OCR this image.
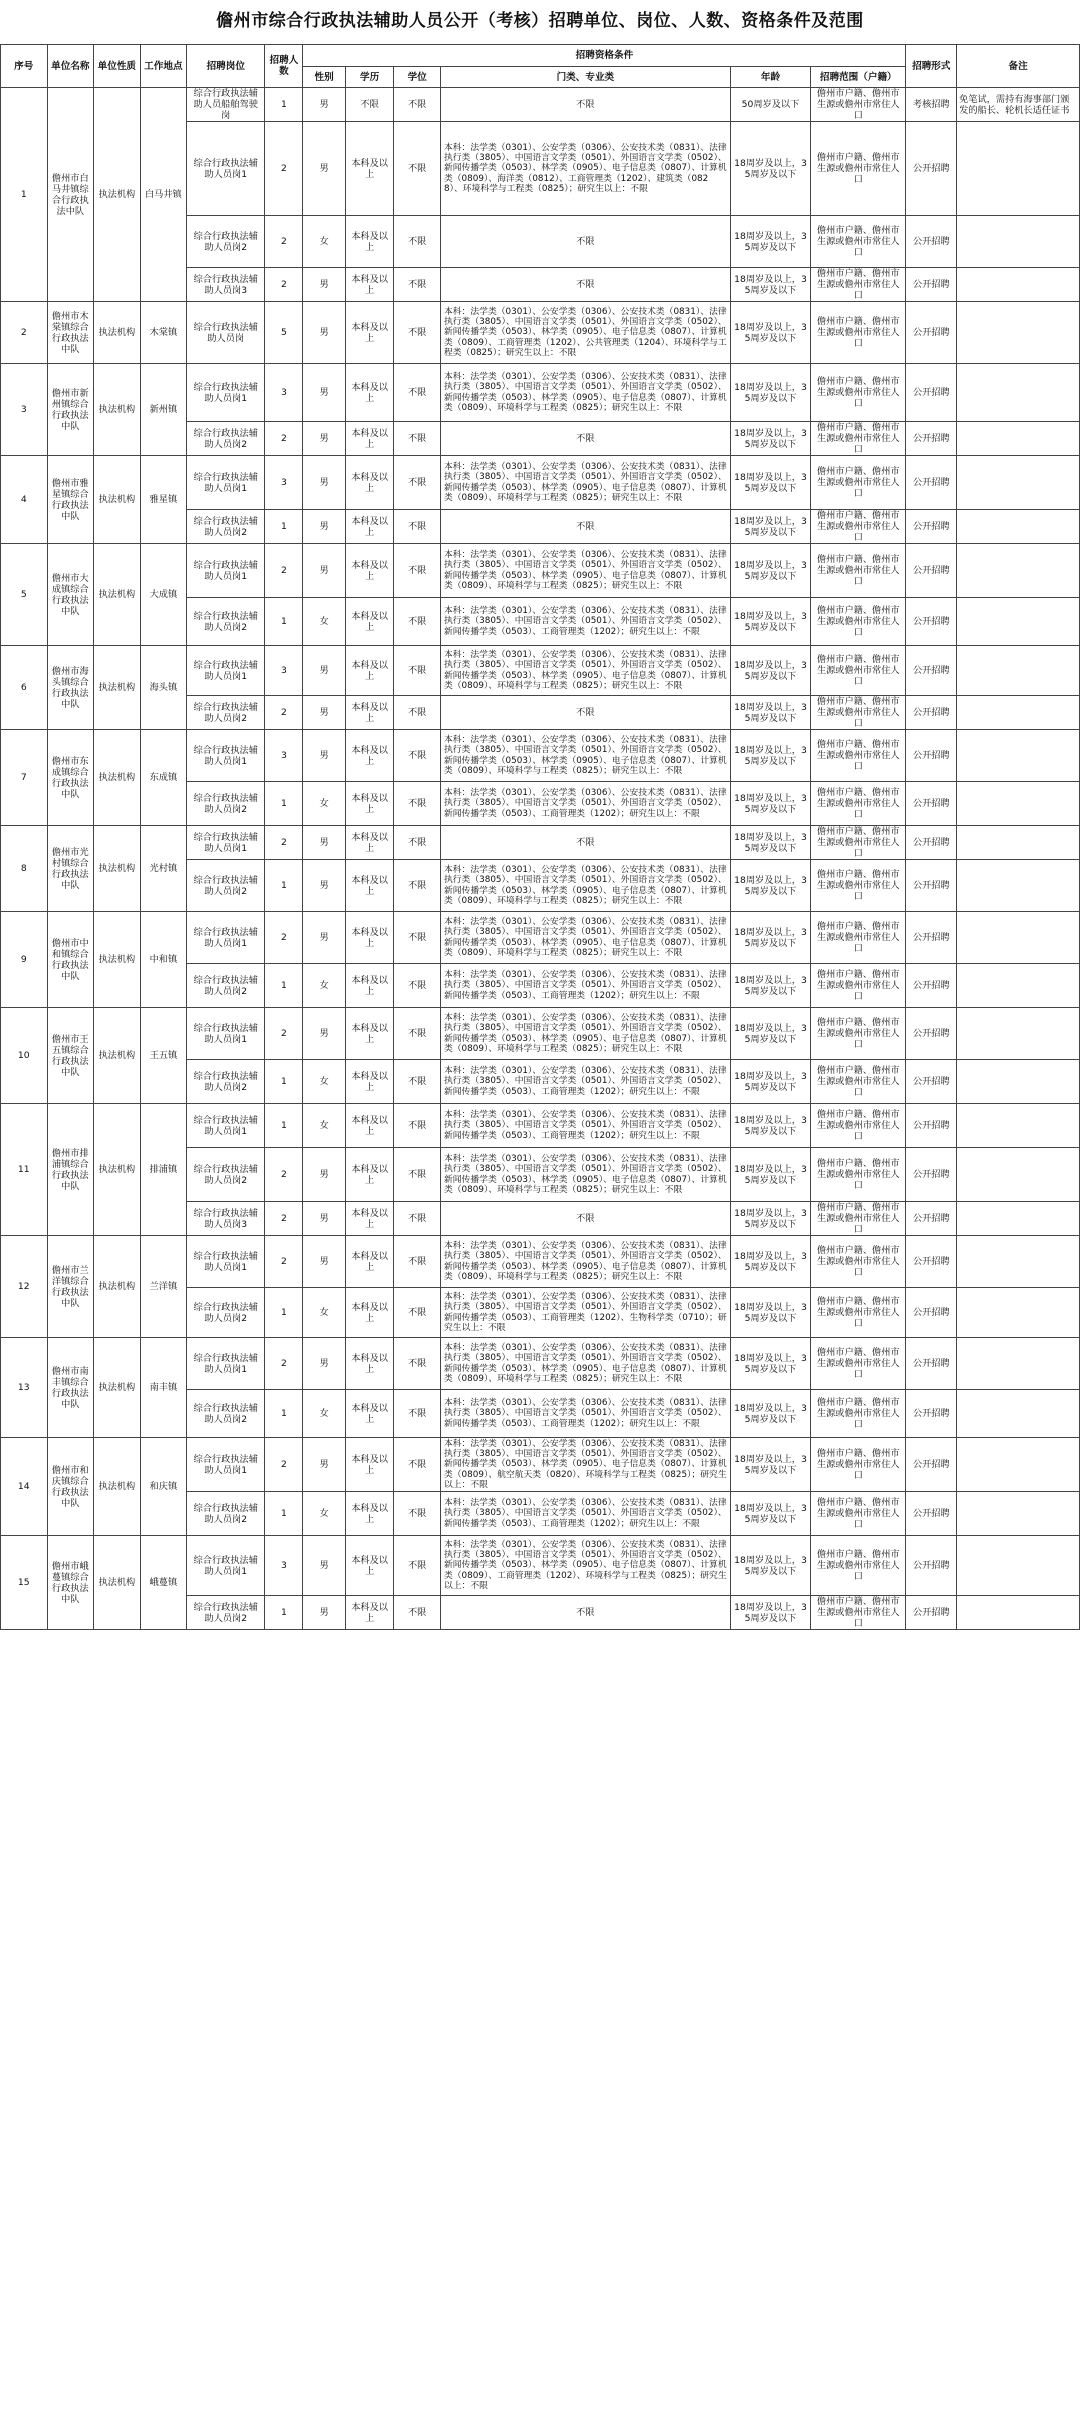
儋州市综合行政执法辅助人员公开（考核）招聘单位、岗位、人数、资格条件及范围
序号	单位名称	单位性质	工作地点	招聘岗位	招聘人数	招聘资格条件						招聘形式	备注
						性别	学历	学位	门类、专业类	年龄	招聘范围（户籍）		
1	儋州市白马井镇综合行政执法中队	执法机构	白马井镇	综合行政执法辅助人员船舶驾驶岗	1	男	不限	不限	不限	50周岁及以下	儋州市户籍、儋州市生源或儋州市常住人口	考核招聘	免笔试，需持有海事部门颁发的船长、轮机长适任证书
				综合行政执法辅助人员岗1	2	男	本科及以上	不限	本科：法学类（0301）、公安学类（0306）、公安技术类（0831）、法律执行类（3805）、中国语言文学类（0501）、外国语言文学类（0502）、新闻传播学类（0503）、林学类（0905）、电子信息类（0807）、计算机类（0809）、海洋类（0812）、工商管理类（1202）、建筑类（0828）、环境科学与工程类（0825）；研究生以上：不限	18周岁及以上，35周岁及以下	儋州市户籍、儋州市生源或儋州市常住人口	公开招聘	
				综合行政执法辅助人员岗2	2	女	本科及以上	不限	不限	18周岁及以上，35周岁及以下	儋州市户籍、儋州市生源或儋州市常住人口	公开招聘	
				综合行政执法辅助人员岗3	2	男	本科及以上	不限	不限	18周岁及以上，35周岁及以下	儋州市户籍、儋州市生源或儋州市常住人口	公开招聘	
2	儋州市木棠镇综合行政执法中队	执法机构	木棠镇	综合行政执法辅助人员岗	5	男	本科及以上	不限	本科：法学类（0301）、公安学类（0306）、公安技术类（0831）、法律执行类（3805）、中国语言文学类（0501）、外国语言文学类（0502）、新闻传播学类（0503）、林学类（0905）、电子信息类（0807）、计算机类（0809）、工商管理类（1202）、公共管理类（1204）、环境科学与工程类（0825）；研究生以上：不限	18周岁及以上，35周岁及以下	儋州市户籍、儋州市生源或儋州市常住人口	公开招聘	
3	儋州市新州镇综合行政执法中队	执法机构	新州镇	综合行政执法辅助人员岗1	3	男	本科及以上	不限	本科：法学类（0301）、公安学类（0306）、公安技术类（0831）、法律执行类（3805）、中国语言文学类（0501）、外国语言文学类（0502）、新闻传播学类（0503）、林学类（0905）、电子信息类（0807）、计算机类（0809）、环境科学与工程类（0825）；研究生以上：不限	18周岁及以上，35周岁及以下	儋州市户籍、儋州市生源或儋州市常住人口	公开招聘	
				综合行政执法辅助人员岗2	2	男	本科及以上	不限	不限	18周岁及以上，35周岁及以下	儋州市户籍、儋州市生源或儋州市常住人口	公开招聘	
4	儋州市雅星镇综合行政执法中队	执法机构	雅星镇	综合行政执法辅助人员岗1	3	男	本科及以上	不限	本科：法学类（0301）、公安学类（0306）、公安技术类（0831）、法律执行类（3805）、中国语言文学类（0501）、外国语言文学类（0502）、新闻传播学类（0503）、林学类（0905）、电子信息类（0807）、计算机类（0809）、环境科学与工程类（0825）；研究生以上：不限	18周岁及以上，35周岁及以下	儋州市户籍、儋州市生源或儋州市常住人口	公开招聘	
				综合行政执法辅助人员岗2	1	男	本科及以上	不限	不限	18周岁及以上，35周岁及以下	儋州市户籍、儋州市生源或儋州市常住人口	公开招聘	
5	儋州市大成镇综合行政执法中队	执法机构	大成镇	综合行政执法辅助人员岗1	2	男	本科及以上	不限	本科：法学类（0301）、公安学类（0306）、公安技术类（0831）、法律执行类（3805）、中国语言文学类（0501）、外国语言文学类（0502）、新闻传播学类（0503）、林学类（0905）、电子信息类（0807）、计算机类（0809）、环境科学与工程类（0825）；研究生以上：不限	18周岁及以上，35周岁及以下	儋州市户籍、儋州市生源或儋州市常住人口	公开招聘	
				综合行政执法辅助人员岗2	1	女	本科及以上	不限	本科：法学类（0301）、公安学类（0306）、公安技术类（0831）、法律执行类（3805）、中国语言文学类（0501）、外国语言文学类（0502）、新闻传播学类（0503）、工商管理类（1202）；研究生以上：不限	18周岁及以上，35周岁及以下	儋州市户籍、儋州市生源或儋州市常住人口	公开招聘	
6	儋州市海头镇综合行政执法中队	执法机构	海头镇	综合行政执法辅助人员岗1	3	男	本科及以上	不限	本科：法学类（0301）、公安学类（0306）、公安技术类（0831）、法律执行类（3805）、中国语言文学类（0501）、外国语言文学类（0502）、新闻传播学类（0503）、林学类（0905）、电子信息类（0807）、计算机类（0809）、环境科学与工程类（0825）；研究生以上：不限	18周岁及以上，35周岁及以下	儋州市户籍、儋州市生源或儋州市常住人口	公开招聘	
				综合行政执法辅助人员岗2	2	男	本科及以上	不限	不限	18周岁及以上，35周岁及以下	儋州市户籍、儋州市生源或儋州市常住人口	公开招聘	
7	儋州市东成镇综合行政执法中队	执法机构	东成镇	综合行政执法辅助人员岗1	3	男	本科及以上	不限	本科：法学类（0301）、公安学类（0306）、公安技术类（0831）、法律执行类（3805）、中国语言文学类（0501）、外国语言文学类（0502）、新闻传播学类（0503）、林学类（0905）、电子信息类（0807）、计算机类（0809）、环境科学与工程类（0825）；研究生以上：不限	18周岁及以上，35周岁及以下	儋州市户籍、儋州市生源或儋州市常住人口	公开招聘	
				综合行政执法辅助人员岗2	1	女	本科及以上	不限	本科：法学类（0301）、公安学类（0306）、公安技术类（0831）、法律执行类（3805）、中国语言文学类（0501）、外国语言文学类（0502）、新闻传播学类（0503）、工商管理类（1202）；研究生以上：不限	18周岁及以上，35周岁及以下	儋州市户籍、儋州市生源或儋州市常住人口	公开招聘	
8	儋州市光村镇综合行政执法中队	执法机构	光村镇	综合行政执法辅助人员岗1	2	男	本科及以上	不限	不限	18周岁及以上，35周岁及以下	儋州市户籍、儋州市生源或儋州市常住人口	公开招聘	
				综合行政执法辅助人员岗2	1	男	本科及以上	不限	本科：法学类（0301）、公安学类（0306）、公安技术类（0831）、法律执行类（3805）、中国语言文学类（0501）、外国语言文学类（0502）、新闻传播学类（0503）、林学类（0905）、电子信息类（0807）、计算机类（0809）、环境科学与工程类（0825）；研究生以上：不限	18周岁及以上，35周岁及以下	儋州市户籍、儋州市生源或儋州市常住人口	公开招聘	
9	儋州市中和镇综合行政执法中队	执法机构	中和镇	综合行政执法辅助人员岗1	2	男	本科及以上	不限	本科：法学类（0301）、公安学类（0306）、公安技术类（0831）、法律执行类（3805）、中国语言文学类（0501）、外国语言文学类（0502）、新闻传播学类（0503）、林学类（0905）、电子信息类（0807）、计算机类（0809）、环境科学与工程类（0825）；研究生以上：不限	18周岁及以上，35周岁及以下	儋州市户籍、儋州市生源或儋州市常住人口	公开招聘	
				综合行政执法辅助人员岗2	1	女	本科及以上	不限	本科：法学类（0301）、公安学类（0306）、公安技术类（0831）、法律执行类（3805）、中国语言文学类（0501）、外国语言文学类（0502）、新闻传播学类（0503）、工商管理类（1202）；研究生以上：不限	18周岁及以上，35周岁及以下	儋州市户籍、儋州市生源或儋州市常住人口	公开招聘	
10	儋州市王五镇综合行政执法中队	执法机构	王五镇	综合行政执法辅助人员岗1	2	男	本科及以上	不限	本科：法学类（0301）、公安学类（0306）、公安技术类（0831）、法律执行类（3805）、中国语言文学类（0501）、外国语言文学类（0502）、新闻传播学类（0503）、林学类（0905）、电子信息类（0807）、计算机类（0809）、环境科学与工程类（0825）；研究生以上：不限	18周岁及以上，35周岁及以下	儋州市户籍、儋州市生源或儋州市常住人口	公开招聘	
				综合行政执法辅助人员岗2	1	女	本科及以上	不限	本科：法学类（0301）、公安学类（0306）、公安技术类（0831）、法律执行类（3805）、中国语言文学类（0501）、外国语言文学类（0502）、新闻传播学类（0503）、工商管理类（1202）；研究生以上：不限	18周岁及以上，35周岁及以下	儋州市户籍、儋州市生源或儋州市常住人口	公开招聘	
11	儋州市排浦镇综合行政执法中队	执法机构	排浦镇	综合行政执法辅助人员岗1	1	女	本科及以上	不限	本科：法学类（0301）、公安学类（0306）、公安技术类（0831）、法律执行类（3805）、中国语言文学类（0501）、外国语言文学类（0502）、新闻传播学类（0503）、工商管理类（1202）；研究生以上：不限	18周岁及以上，35周岁及以下	儋州市户籍、儋州市生源或儋州市常住人口	公开招聘	
				综合行政执法辅助人员岗2	2	男	本科及以上	不限	本科：法学类（0301）、公安学类（0306）、公安技术类（0831）、法律执行类（3805）、中国语言文学类（0501）、外国语言文学类（0502）、新闻传播学类（0503）、林学类（0905）、电子信息类（0807）、计算机类（0809）、环境科学与工程类（0825）；研究生以上：不限	18周岁及以上，35周岁及以下	儋州市户籍、儋州市生源或儋州市常住人口	公开招聘	
				综合行政执法辅助人员岗3	2	男	本科及以上	不限	不限	18周岁及以上，35周岁及以下	儋州市户籍、儋州市生源或儋州市常住人口	公开招聘	
12	儋州市兰洋镇综合行政执法中队	执法机构	兰洋镇	综合行政执法辅助人员岗1	2	男	本科及以上	不限	本科：法学类（0301）、公安学类（0306）、公安技术类（0831）、法律执行类（3805）、中国语言文学类（0501）、外国语言文学类（0502）、新闻传播学类（0503）、林学类（0905）、电子信息类（0807）、计算机类（0809）、环境科学与工程类（0825）；研究生以上：不限	18周岁及以上，35周岁及以下	儋州市户籍、儋州市生源或儋州市常住人口	公开招聘	
				综合行政执法辅助人员岗2	1	女	本科及以上	不限	本科：法学类（0301）、公安学类（0306）、公安技术类（0831）、法律执行类（3805）、中国语言文学类（0501）、外国语言文学类（0502）、新闻传播学类（0503）、工商管理类（1202）、生物科学类（0710）；研究生以上：不限	18周岁及以上，35周岁及以下	儋州市户籍、儋州市生源或儋州市常住人口	公开招聘	
13	儋州市南丰镇综合行政执法中队	执法机构	南丰镇	综合行政执法辅助人员岗1	2	男	本科及以上	不限	本科：法学类（0301）、公安学类（0306）、公安技术类（0831）、法律执行类（3805）、中国语言文学类（0501）、外国语言文学类（0502）、新闻传播学类（0503）、林学类（0905）、电子信息类（0807）、计算机类（0809）、环境科学与工程类（0825）；研究生以上：不限	18周岁及以上，35周岁及以下	儋州市户籍、儋州市生源或儋州市常住人口	公开招聘	
				综合行政执法辅助人员岗2	1	女	本科及以上	不限	本科：法学类（0301）、公安学类（0306）、公安技术类（0831）、法律执行类（3805）、中国语言文学类（0501）、外国语言文学类（0502）、新闻传播学类（0503）、工商管理类（1202）；研究生以上：不限	18周岁及以上，35周岁及以下	儋州市户籍、儋州市生源或儋州市常住人口	公开招聘	
14	儋州市和庆镇综合行政执法中队	执法机构	和庆镇	综合行政执法辅助人员岗1	2	男	本科及以上	不限	本科：法学类（0301）、公安学类（0306）、公安技术类（0831）、法律执行类（3805）、中国语言文学类（0501）、外国语言文学类（0502）、新闻传播学类（0503）、林学类（0905）、电子信息类（0807）、计算机类（0809）、航空航天类（0820）、环境科学与工程类（0825）；研究生以上：不限	18周岁及以上，35周岁及以下	儋州市户籍、儋州市生源或儋州市常住人口	公开招聘	
				综合行政执法辅助人员岗2	1	女	本科及以上	不限	本科：法学类（0301）、公安学类（0306）、公安技术类（0831）、法律执行类（3805）、中国语言文学类（0501）、外国语言文学类（0502）、新闻传播学类（0503）、工商管理类（1202）；研究生以上：不限	18周岁及以上，35周岁及以下	儋州市户籍、儋州市生源或儋州市常住人口	公开招聘	
15	儋州市峨蔓镇综合行政执法中队	执法机构	峨蔓镇	综合行政执法辅助人员岗1	3	男	本科及以上	不限	本科：法学类（0301）、公安学类（0306）、公安技术类（0831）、法律执行类（3805）、中国语言文学类（0501）、外国语言文学类（0502）、新闻传播学类（0503）、林学类（0905）、电子信息类（0807）、计算机类（0809）、工商管理类（1202）、环境科学与工程类（0825）；研究生以上：不限	18周岁及以上，35周岁及以下	儋州市户籍、儋州市生源或儋州市常住人口	公开招聘	
				综合行政执法辅助人员岗2	1	男	本科及以上	不限	不限	18周岁及以上，35周岁及以下	儋州市户籍、儋州市生源或儋州市常住人口	公开招聘	
